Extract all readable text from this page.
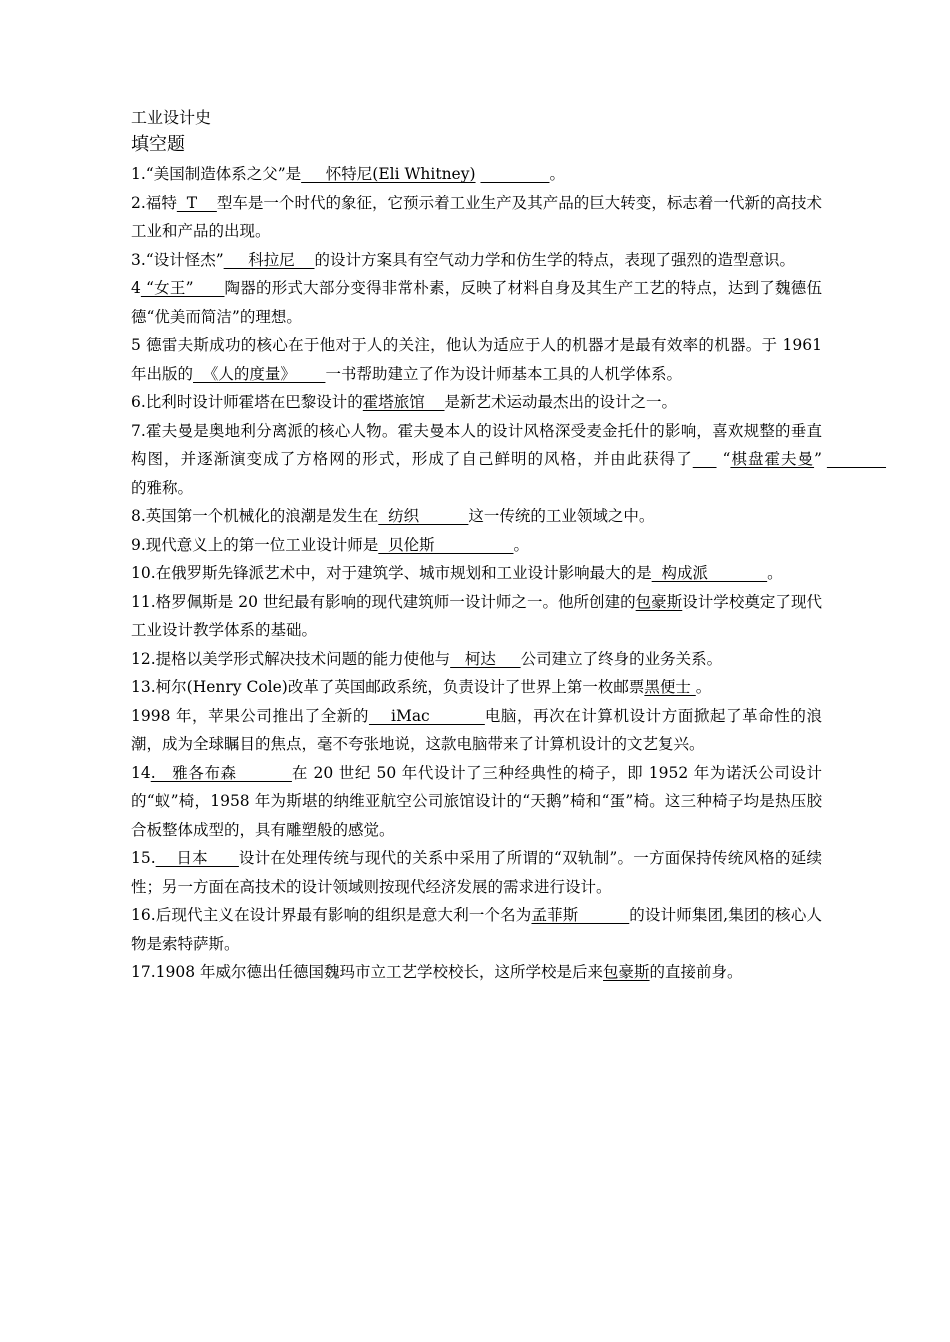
工业设计史
填空题

1.“美国制造体系之父”是     怀特尼(Eli Whitney)	。

2.福特  T    型车是一个时代的象征，它预示着工业生产及其产品的巨大转变，标志着一代新的高技术工业和产品的出现。

3.“设计怪杰”     科拉尼    的设计方案具有空气动力学和仿生学的特点，表现了强烈的造型意识。

4 “女王”      陶器的形式大部分变得非常朴素，反映了材料自身及其生产工艺的特点，达到了魏德伍德“优美而简洁”的理想。

5 德雷夫斯成功的核心在于他对于人的关注，他认为适应于人的机器才是最有效率的机器。于 1961 年出版的  《人的度量》      一书帮助建立了作为设计师基本工具的人机学体系。

6.比利时设计师霍塔在巴黎设计的霍塔旅馆    是新艺术运动最杰出的设计之一。

7.霍夫曼是奥地利分离派的核心人物。霍夫曼本人的设计风格深受麦金托什的影响，喜欢规整的垂直构图，并逐渐演变成了方格网的形式，形成了自己鲜明的风格，并由此获得了     “棋盘霍夫曼”             的雅称。

8.英国第一个机械化的浪潮是发生在  纺织          这一传统的工业领域之中。

9.现代意义上的第一位工业设计师是  贝伦斯                。

10.在俄罗斯先锋派艺术中，对于建筑学、城市规划和工业设计影响最大的是  构成派            。

11.格罗佩斯是 20 世纪最有影响的现代建筑师一设计师之一。他所创建的包豪斯设计学校奠定了现代工业设计教学体系的基础。

12.提格以美学形式解决技术问题的能力使他与   柯达     公司建立了终身的业务关系。

13.柯尔(Henry Cole)改革了英国邮政系统，负责设计了世界上第一枚邮票黑便士 。

1998 年，苹果公司推出了全新的    iMac          电脑，再次在计算机设计方面掀起了革命性的浪潮，成为全球瞩目的焦点，毫不夸张地说，这款电脑带来了计算机设计的文艺复兴。

14.   雅各布森          在 20 世纪 50 年代设计了三种经典性的椅子，即 1952 年为诺沃公司设计的“蚁”椅，1958 年为斯堪的纳维亚航空公司旅馆设计的“天鹅”椅和“蛋”椅。这三种椅子均是热压胶合板整体成型的，具有雕塑般的感觉。

15.    日本      设计在处理传统与现代的关系中采用了所谓的“双轨制”。一方面保持传统风格的延续性；另一方面在高技术的设计领域则按现代经济发展的需求进行设计。

16.后现代主义在设计界最有影响的组织是意大利一个名为孟菲斯          的设计师集团,集团的核心人物是索特萨斯。

17.1908 年威尔德出任德国魏玛市立工艺学校校长，这所学校是后来包豪斯的直接前身。
